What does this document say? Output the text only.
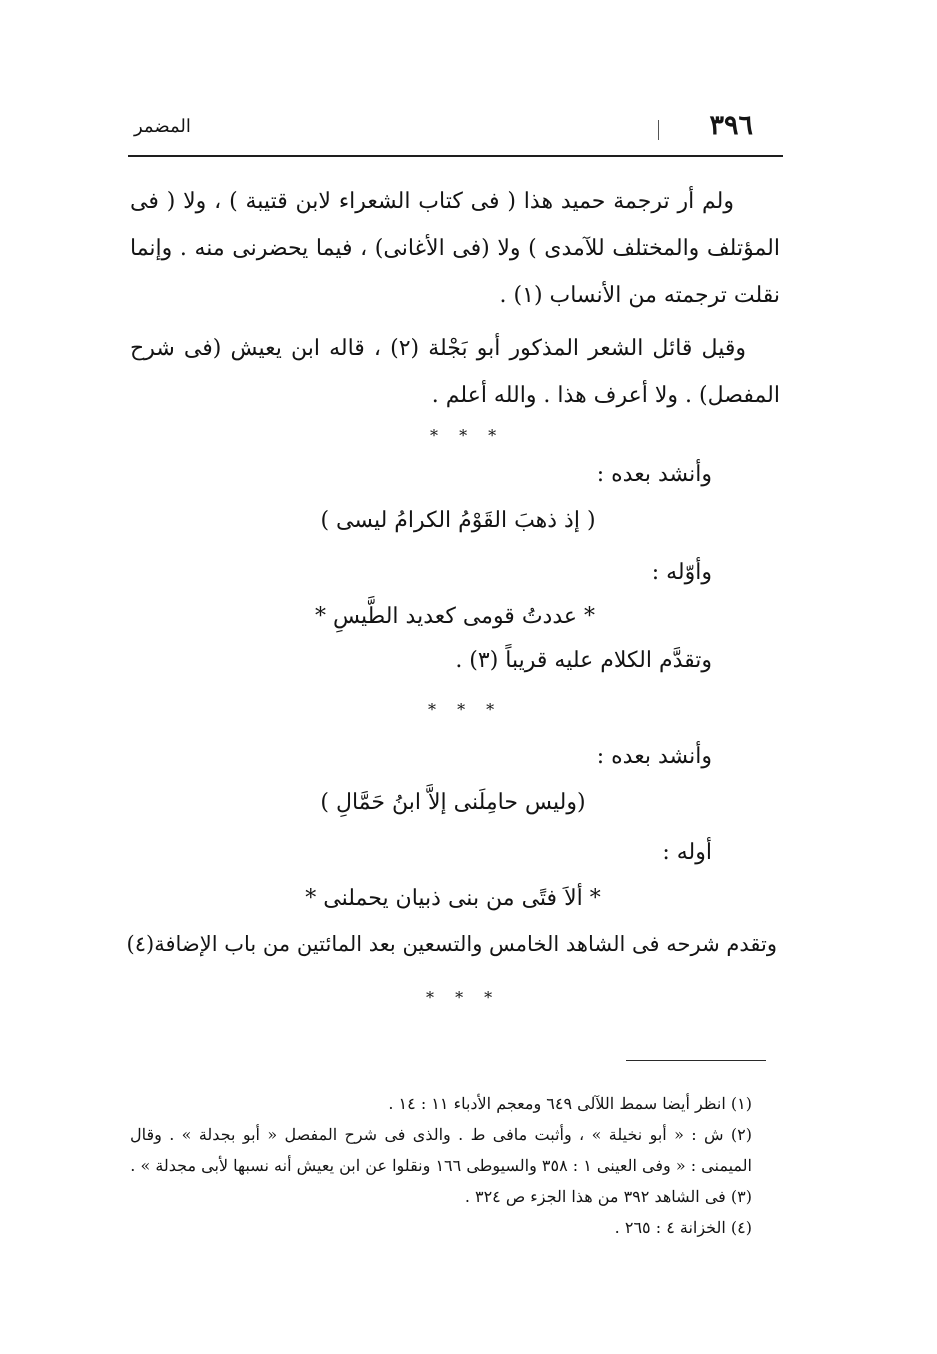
٣٩٦
المضمر

ولم أر ترجمة حميد هذا ( فى كتاب الشعراء لابن قتيبة ) ، ولا ( فى المؤتلف والمختلف للآمدى ) ولا (فى الأغانى) ، فيما يحضرنى منه . وإنما نقلت ترجمته من الأنساب (١) .

وقيل قائل الشعر المذكور أبو بَجْلة (٢) ، قاله ابن يعيش (فى شرح المفصل) . ولا أعرف هذا . والله أعلم .

* * *
وأنشد بعده :
( إذ ذهبَ القَوْمُ الكرامُ ليسى )
وأوّله :
* عددتُ قومى كعديد الطَّيسِ *
وتقدَّم الكلام عليه قريباً (٣) .
* * *
وأنشد بعده :
(وليس حامِلَنى إلاَّ ابنُ حَمَّالِ )
أوله :
* ألاَ فتًى من بنى ذبيان يحملنى *
وتقدم شرحه فى الشاهد الخامس والتسعين بعد المائتين من باب الإضافة(٤)
* * *

(١) انظر أيضا سمط اللآلى ٦٤٩ ومعجم الأدباء ١١ : ١٤ .

(٢) ش : « أبو نخيلة » ، وأثبت مافى ط . والذى فى شرح المفصل « أبو بجدلة » . وقال الميمنى : « وفى العينى ١ : ٣٥٨ والسيوطى ١٦٦ ونقلوا عن ابن يعيش أنه نسبها لأبى مجدلة » .

(٣) فى الشاهد ٣٩٢ من هذا الجزء ص ٣٢٤ .

(٤) الخزانة ٤ : ٢٦٥ .
